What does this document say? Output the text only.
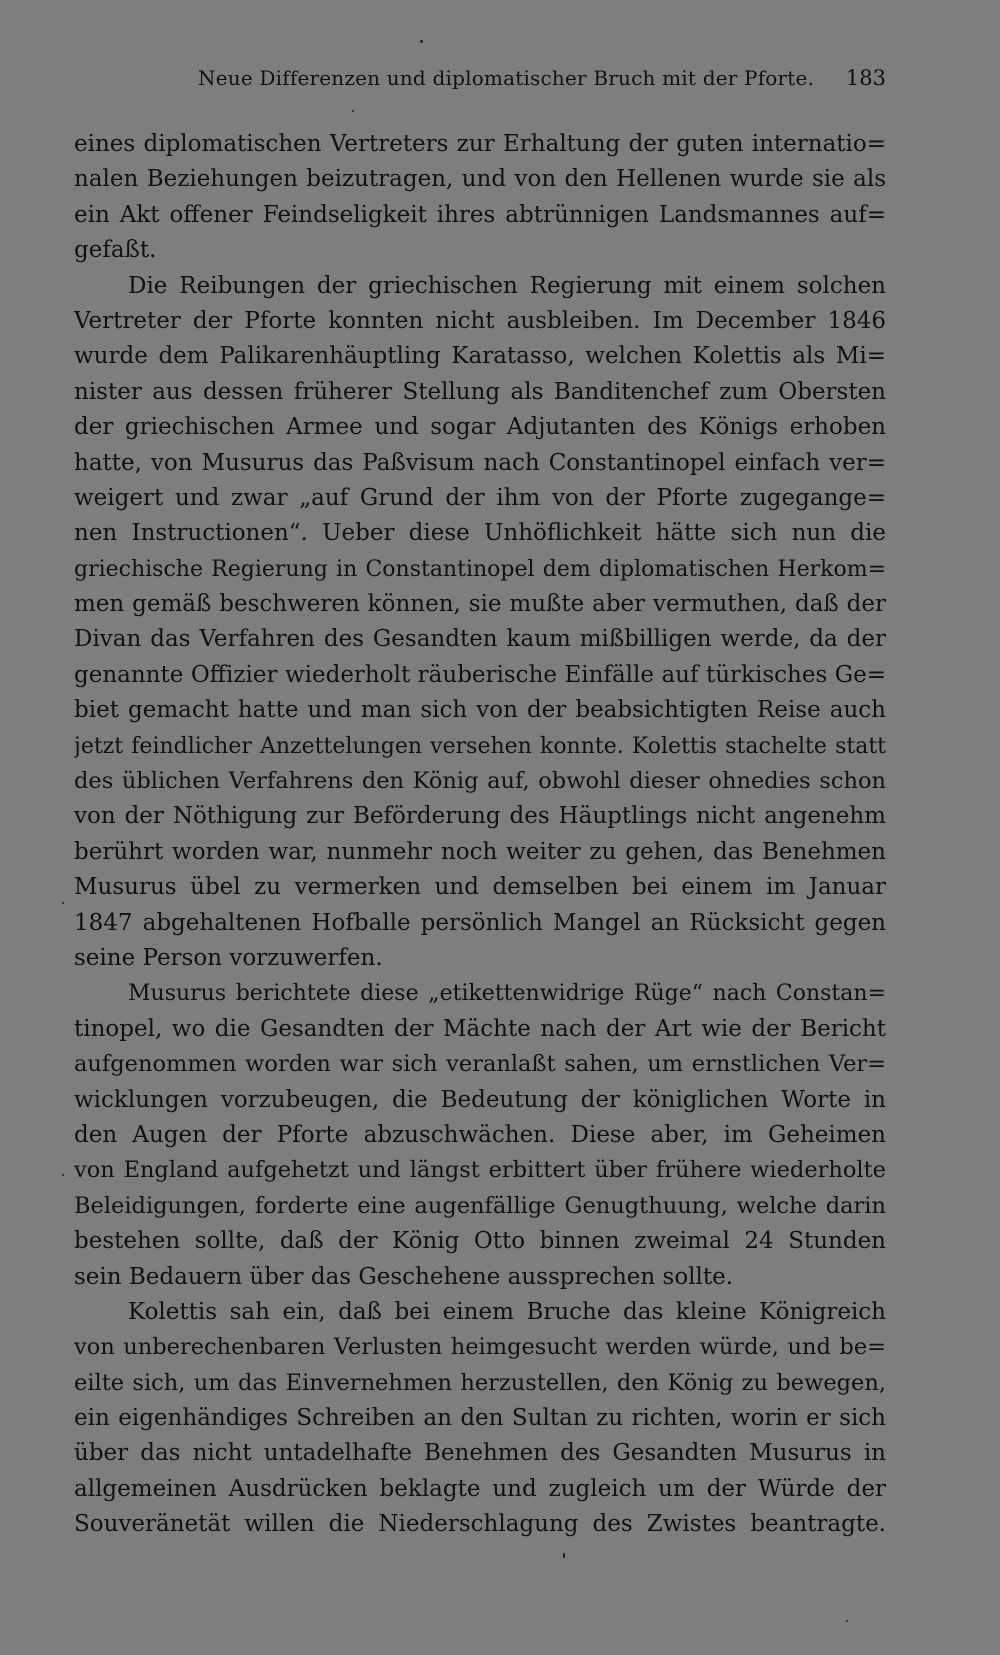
Neue Differenzen und diplomatischer Bruch mit der Pforte. 183
eines diplomatischen Vertreters zur Erhaltung der guten internatio=
nalen Beziehungen beizutragen, und von den Hellenen wurde sie als
ein Akt offener Feindseligkeit ihres abtrünnigen Landsmannes auf=
gefaßt.
Die Reibungen der griechischen Regierung mit einem solchen
Vertreter der Pforte konnten nicht ausbleiben. Im December 1846
wurde dem Palikarenhäuptling Karatasso, welchen Kolettis als Mi=
nister aus dessen früherer Stellung als Banditenchef zum Obersten
der griechischen Armee und sogar Adjutanten des Königs erhoben
hatte, von Musurus das Paßvisum nach Constantinopel einfach ver=
weigert und zwar „auf Grund der ihm von der Pforte zugegange=
nen Instructionen“. Ueber diese Unhöflichkeit hätte sich nun die
griechische Regierung in Constantinopel dem diplomatischen Herkom=
men gemäß beschweren können, sie mußte aber vermuthen, daß der
Divan das Verfahren des Gesandten kaum mißbilligen werde, da der
genannte Offizier wiederholt räuberische Einfälle auf türkisches Ge=
biet gemacht hatte und man sich von der beabsichtigten Reise auch
jetzt feindlicher Anzettelungen versehen konnte. Kolettis stachelte statt
des üblichen Verfahrens den König auf, obwohl dieser ohnedies schon
von der Nöthigung zur Beförderung des Häuptlings nicht angenehm
berührt worden war, nunmehr noch weiter zu gehen, das Benehmen
Musurus übel zu vermerken und demselben bei einem im Januar
1847 abgehaltenen Hofballe persönlich Mangel an Rücksicht gegen
seine Person vorzuwerfen.
Musurus berichtete diese „etikettenwidrige Rüge“ nach Constan=
tinopel, wo die Gesandten der Mächte nach der Art wie der Bericht
aufgenommen worden war sich veranlaßt sahen, um ernstlichen Ver=
wicklungen vorzubeugen, die Bedeutung der königlichen Worte in
den Augen der Pforte abzuschwächen. Diese aber, im Geheimen
von England aufgehetzt und längst erbittert über frühere wiederholte
Beleidigungen, forderte eine augenfällige Genugthuung, welche darin
bestehen sollte, daß der König Otto binnen zweimal 24 Stunden
sein Bedauern über das Geschehene aussprechen sollte.
Kolettis sah ein, daß bei einem Bruche das kleine Königreich
von unberechenbaren Verlusten heimgesucht werden würde, und be=
eilte sich, um das Einvernehmen herzustellen, den König zu bewegen,
ein eigenhändiges Schreiben an den Sultan zu richten, worin er sich
über das nicht untadelhafte Benehmen des Gesandten Musurus in
allgemeinen Ausdrücken beklagte und zugleich um der Würde der
Souveränetät willen die Niederschlagung des Zwistes beantragte.
